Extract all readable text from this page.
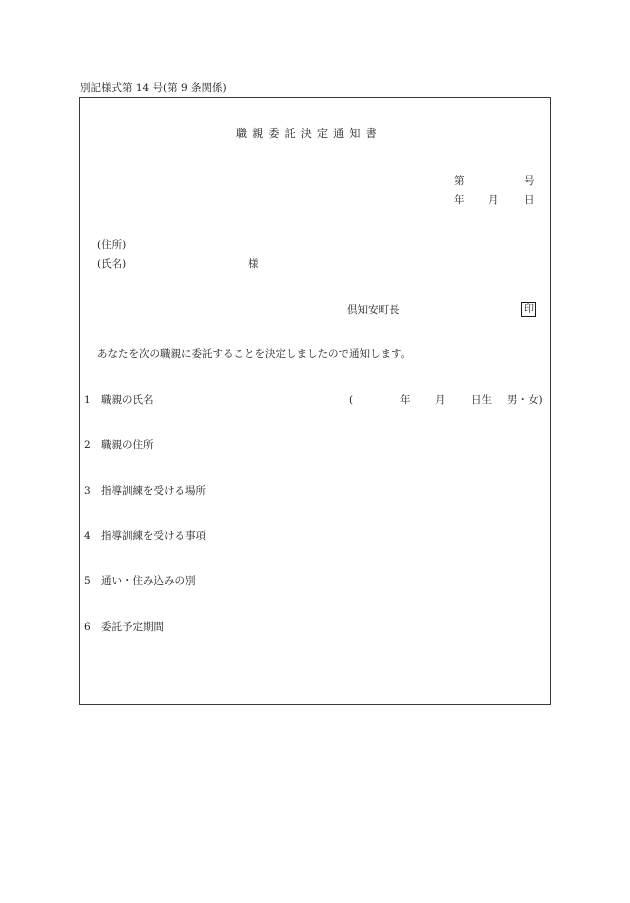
別記様式第 14 号(第 9 条関係)
職親委託決定通知書
第	号
年 月 日
(住所)
(氏名)	様
倶知安町長	印
あなたを次の職親に委託することを決定しましたので通知します。
1 職親の氏名	(	年 月 日生 男・女)
2 職親の住所
3 指導訓練を受ける場所
4 指導訓練を受ける事項
5 通い・住み込みの別
6 委託予定期間
